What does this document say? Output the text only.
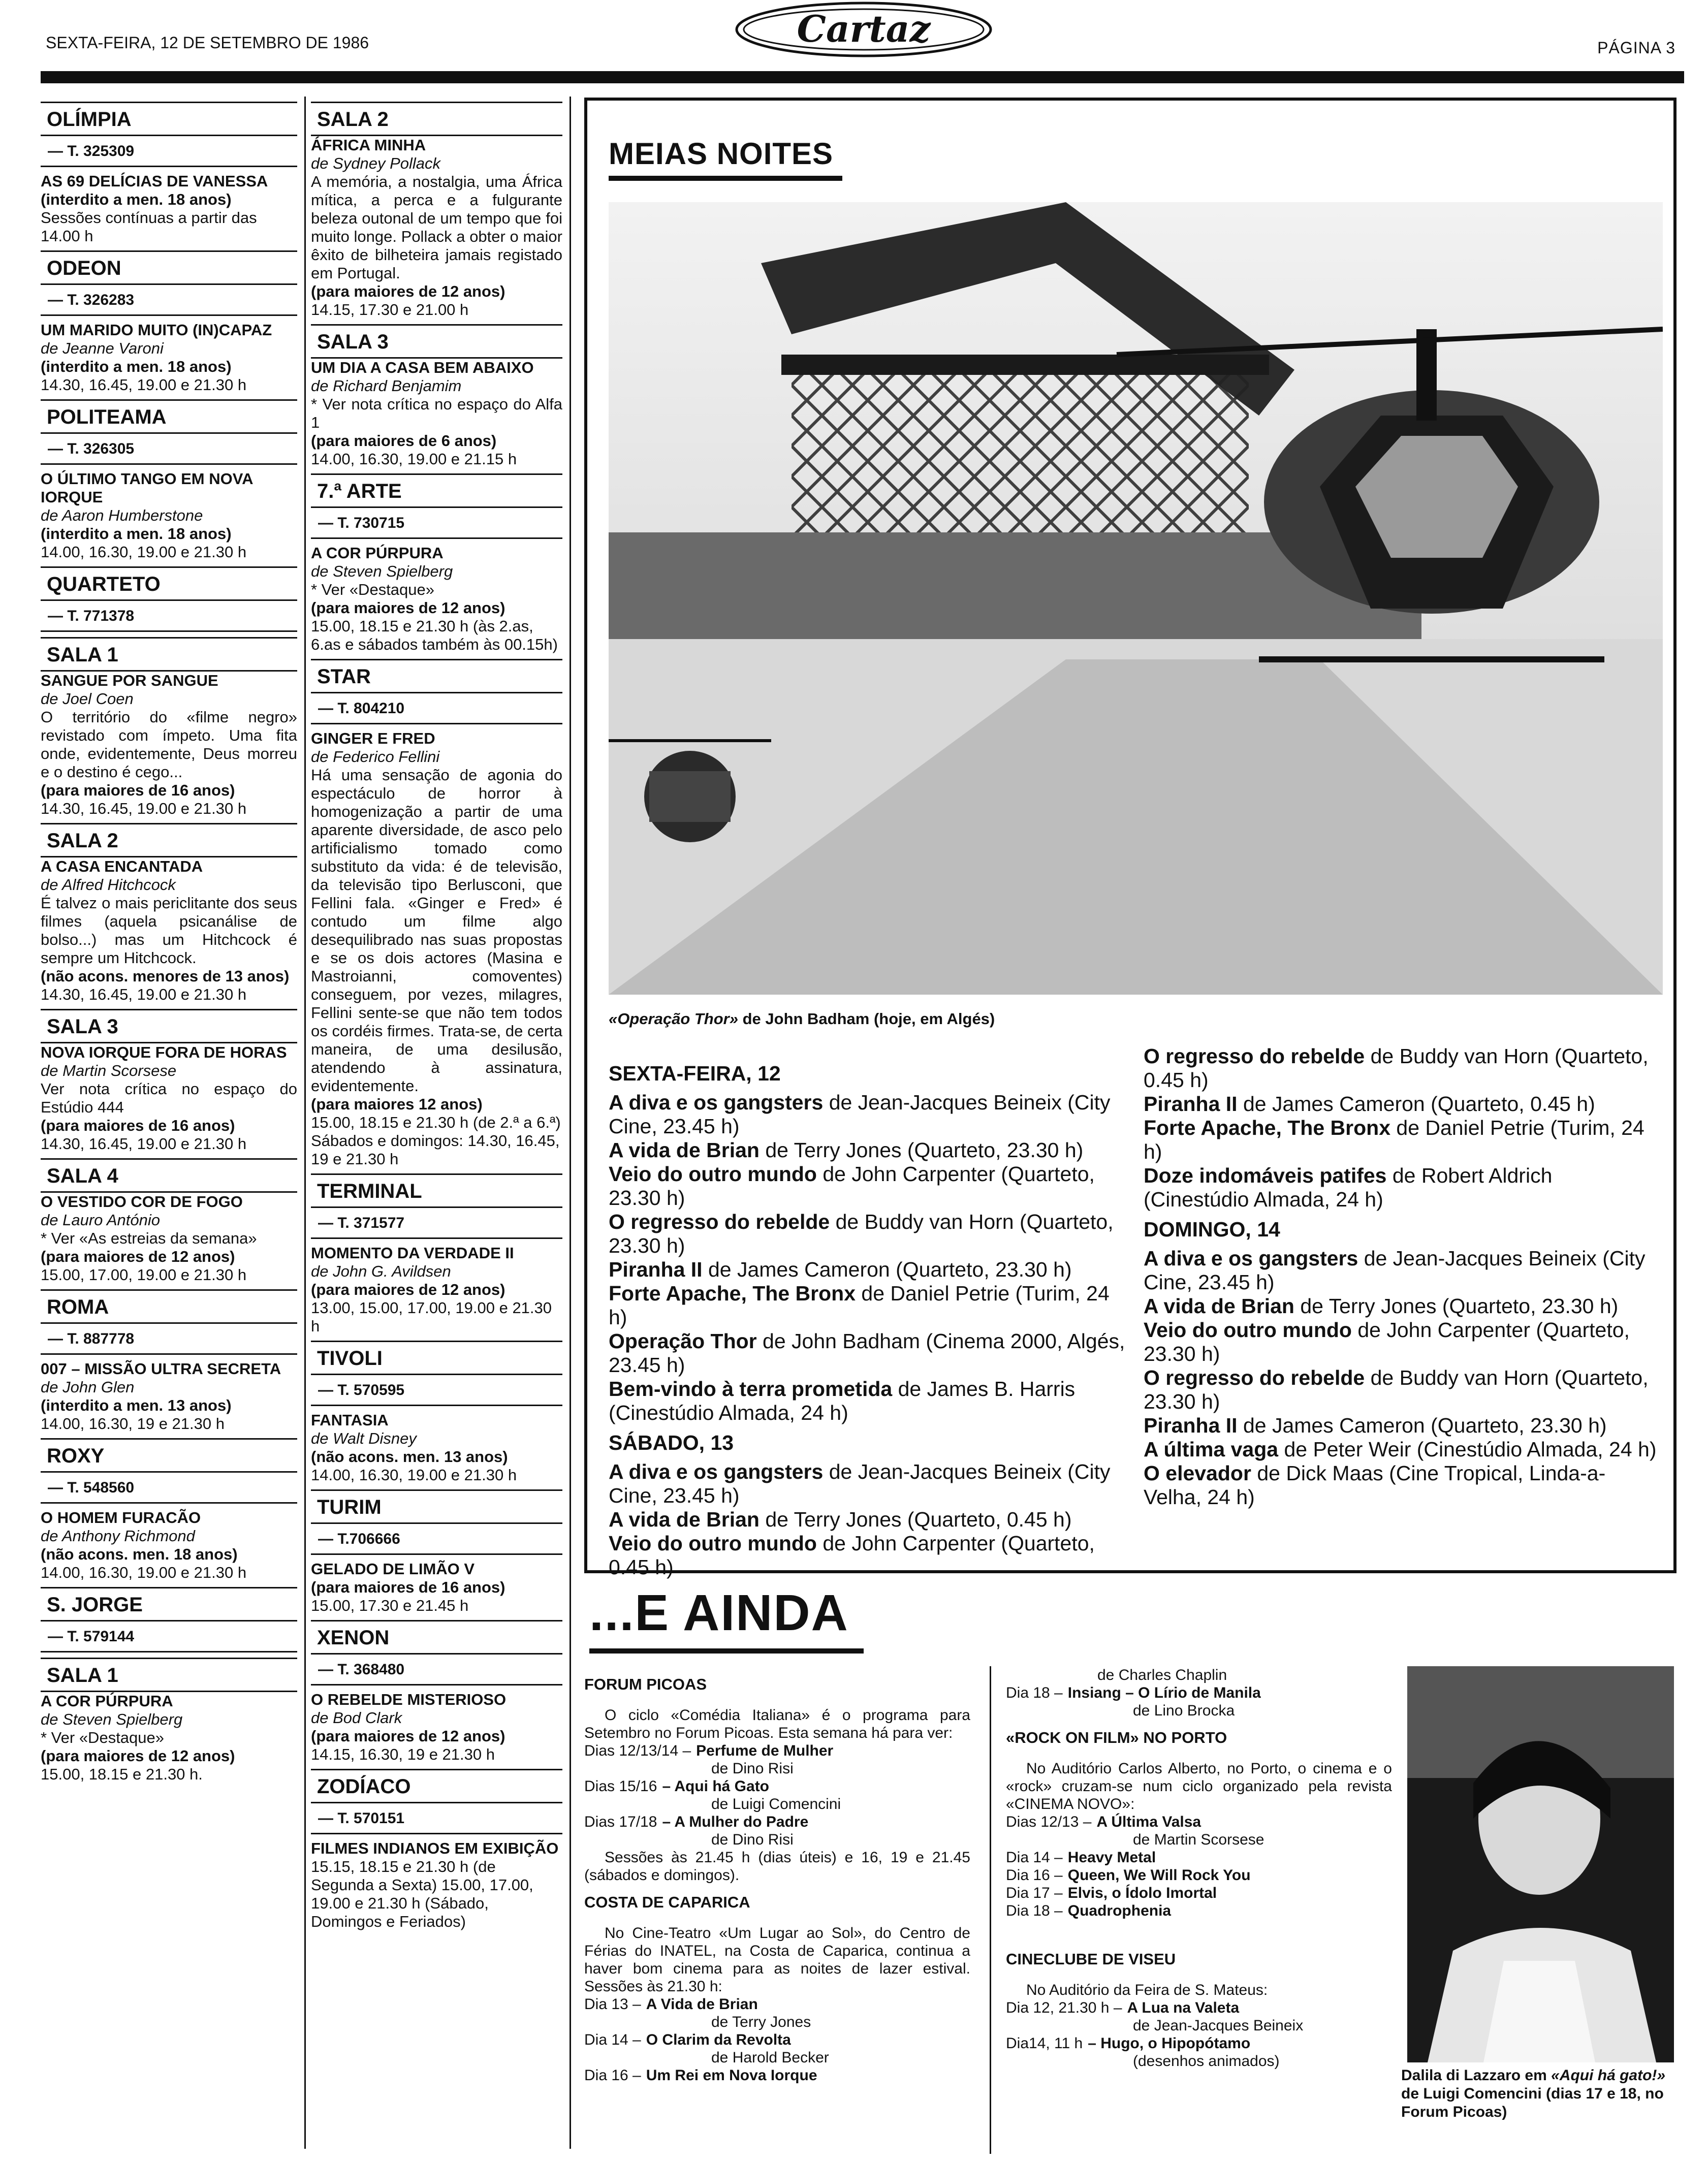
SEXTA-FEIRA, 12 DE SETEMBRO DE 1986	Cartaz	PÁGINA 3
OLÍMPIA
— T. 325309
AS 69 DELÍCIAS DE VANESSA
(interdito a men. 18 anos)
Sessões contínuas a partir das 14.00 h
ODEON
— T. 326283
UM MARIDO MUITO (IN)CAPAZ
de Jeanne Varoni
(interdito a men. 18 anos)
14.30, 16.45, 19.00 e 21.30 h
POLITEAMA
— T. 326305
O ÚLTIMO TANGO EM NOVA IORQUE
de Aaron Humberstone
(interdito a men. 18 anos)
14.00, 16.30, 19.00 e 21.30 h
QUARTETO
— T. 771378
SALA 1
SANGUE POR SANGUE
de Joel Coen
O território do «filme negro» revistado com ímpeto. Uma fita onde, evidentemente, Deus morreu e o destino é cego...
(para maiores de 16 anos)
14.30, 16.45, 19.00 e 21.30 h
SALA 2
A CASA ENCANTADA
de Alfred Hitchcock
É talvez o mais periclitante dos seus filmes (aquela psicanálise de bolso...) mas um Hitchcock é sempre um Hitchcock.
(não acons. menores de 13 anos)
14.30, 16.45, 19.00 e 21.30 h
SALA 3
NOVA IORQUE FORA DE HORAS
de Martin Scorsese
Ver nota crítica no espaço do Estúdio 444
(para maiores de 16 anos)
14.30, 16.45, 19.00 e 21.30 h
SALA 4
O VESTIDO COR DE FOGO
de Lauro António
* Ver «As estreias da semana»
(para maiores de 12 anos)
15.00, 17.00, 19.00 e 21.30 h
ROMA
— T. 887778
007 – MISSÃO ULTRA SECRETA
de John Glen
(interdito a men. 13 anos)
14.00, 16.30, 19 e 21.30 h
ROXY
— T. 548560
O HOMEM FURACÃO
de Anthony Richmond
(não acons. men. 18 anos)
14.00, 16.30, 19.00 e 21.30 h
S. JORGE
— T. 579144
SALA 1
A COR PÚRPURA
de Steven Spielberg
* Ver «Destaque»
(para maiores de 12 anos)
15.00, 18.15 e 21.30 h.
SALA 2
ÁFRICA MINHA
de Sydney Pollack
A memória, a nostalgia, uma África mítica, a perca e a fulgurante beleza outonal de um tempo que foi muito longe. Pollack a obter o maior êxito de bilheteira jamais registado em Portugal.
(para maiores de 12 anos)
14.15, 17.30 e 21.00 h
SALA 3
UM DIA A CASA BEM ABAIXO
de Richard Benjamim
* Ver nota crítica no espaço do Alfa 1
(para maiores de 6 anos)
14.00, 16.30, 19.00 e 21.15 h
7.ª ARTE
— T. 730715
A COR PÚRPURA
de Steven Spielberg
* Ver «Destaque»
(para maiores de 12 anos)
15.00, 18.15 e 21.30 h (às 2.as, 6.as e sábados também às 00.15h)
STAR
— T. 804210
GINGER E FRED
de Federico Fellini
Há uma sensação de agonia do espectáculo de horror à homogenização a partir de uma aparente diversidade, de asco pelo artificialismo tomado como substituto da vida: é de televisão, da televisão tipo Berlusconi, que Fellini fala. «Ginger e Fred» é contudo um filme algo desequilibrado nas suas propostas e se os dois actores (Masina e Mastroianni, comoventes) conseguem, por vezes, milagres, Fellini sente-se que não tem todos os cordéis firmes. Trata-se, de certa maneira, de uma desilusão, atendendo à assinatura, evidentemente.
(para maiores 12 anos)
15.00, 18.15 e 21.30 h (de 2.ª a 6.ª) Sábados e domingos: 14.30, 16.45, 19 e 21.30 h
TERMINAL
— T. 371577
MOMENTO DA VERDADE II
de John G. Avildsen
(para maiores de 12 anos)
13.00, 15.00, 17.00, 19.00 e 21.30 h
TIVOLI
— T. 570595
FANTASIA
de Walt Disney
(não acons. men. 13 anos)
14.00, 16.30, 19.00 e 21.30 h
TURIM
— T.706666
GELADO DE LIMÃO V
(para maiores de 16 anos)
15.00, 17.30 e 21.45 h
XENON
— T. 368480
O REBELDE MISTERIOSO
de Bod Clark
(para maiores de 12 anos)
14.15, 16.30, 19 e 21.30 h
ZODÍACO
— T. 570151
FILMES INDIANOS EM EXIBIÇÃO
15.15, 18.15 e 21.30 h (de Segunda a Sexta) 15.00, 17.00, 19.00 e 21.30 h (Sábado, Domingos e Feriados)
MEIAS NOITES
«Operação Thor» de John Badham (hoje, em Algés)
SEXTA-FEIRA, 12
A diva e os gangsters de Jean-Jacques Beineix (City Cine, 23.45 h)
A vida de Brian de Terry Jones (Quarteto, 23.30 h)
Veio do outro mundo de John Carpenter (Quarteto, 23.30 h)
O regresso do rebelde de Buddy van Horn (Quarteto, 23.30 h)
Piranha II de James Cameron (Quarteto, 23.30 h)
Forte Apache, The Bronx de Daniel Petrie (Turim, 24 h)
Operação Thor de John Badham (Cinema 2000, Algés, 23.45 h)
Bem-vindo à terra prometida de James B. Harris (Cinestúdio Almada, 24 h)
SÁBADO, 13
A diva e os gangsters de Jean-Jacques Beineix (City Cine, 23.45 h)
A vida de Brian de Terry Jones (Quarteto, 0.45 h)
Veio do outro mundo de John Carpenter (Quarteto, 0.45 h)
O regresso do rebelde de Buddy van Horn (Quarteto, 0.45 h)
Piranha II de James Cameron (Quarteto, 0.45 h)
Forte Apache, The Bronx de Daniel Petrie (Turim, 24 h)
Doze indomáveis patifes de Robert Aldrich (Cinestúdio Almada, 24 h)
DOMINGO, 14
A diva e os gangsters de Jean-Jacques Beineix (City Cine, 23.45 h)
A vida de Brian de Terry Jones (Quarteto, 23.30 h)
Veio do outro mundo de John Carpenter (Quarteto, 23.30 h)
O regresso do rebelde de Buddy van Horn (Quarteto, 23.30 h)
Piranha II de James Cameron (Quarteto, 23.30 h)
A última vaga de Peter Weir (Cinestúdio Almada, 24 h)
O elevador de Dick Maas (Cine Tropical, Linda-a-Velha, 24 h)
...E AINDA
FORUM PICOAS
O ciclo «Comédia Italiana» é o programa para Setembro no Forum Picoas. Esta semana há para ver:
Dias 12/13/14 – Perfume de Mulher
de Dino Risi
Dias 15/16 – Aqui há Gato
de Luigi Comencini
Dias 17/18 – A Mulher do Padre
de Dino Risi
Sessões às 21.45 h (dias úteis) e 16, 19 e 21.45 (sábados e domingos).
COSTA DE CAPARICA
No Cine-Teatro «Um Lugar ao Sol», do Centro de Férias do INATEL, na Costa de Caparica, continua a haver bom cinema para as noites de lazer estival. Sessões às 21.30 h:
Dia 13 – A Vida de Brian
de Terry Jones
Dia 14 – O Clarim da Revolta
de Harold Becker
Dia 16 – Um Rei em Nova Iorque
de Charles Chaplin
Dia 18 – Insiang – O Lírio de Manila
de Lino Brocka
«ROCK ON FILM» NO PORTO
No Auditório Carlos Alberto, no Porto, o cinema e o «rock» cruzam-se num ciclo organizado pela revista «CINEMA NOVO»:
Dias 12/13 – A Última Valsa
de Martin Scorsese
Dia 14 – Heavy Metal
Dia 16 – Queen, We Will Rock You
Dia 17 – Elvis, o Ídolo Imortal
Dia 18 – Quadrophenia
CINECLUBE DE VISEU
No Auditório da Feira de S. Mateus:
Dia 12, 21.30 h – A Lua na Valeta
de Jean-Jacques Beineix
Dia14, 11 h – Hugo, o Hipopótamo
(desenhos animados)
Dalila di Lazzaro em «Aqui há gato!» de Luigi Comencini (dias 17 e 18, no Forum Picoas)
